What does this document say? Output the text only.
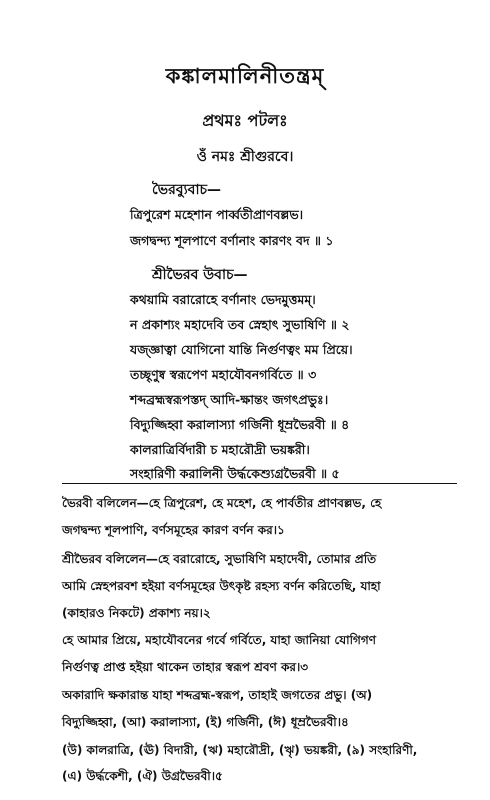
কঙ্কালমালিনীতন্ত্রম্
প্রথমঃ পটলঃ
ওঁ নমঃ শ্রীগুরবে।
ভৈরব্যুবাচ—
ত্রিপুরেশ মহেশান পার্ব্বতীপ্রাণবল্লভ।
জগদ্বন্দ্য শূলপাণে বর্ণানাং কারণং বদ ॥ ১
শ্রীভৈরব উবাচ—
কথয়ামি বরারোহে বর্ণানাং ভেদমুত্তমম্।
ন প্রকাশ্যং মহাদেবি তব স্নেহাৎ সুভাষিণি ॥ ২
যজ্জ্ঞাত্বা যোগিনো যান্তি নির্গুণত্বং মম প্রিয়ে।
তচ্ছৃণুষ্ব স্বরূপেণ মহাযৌবনগর্বিতে ॥ ৩
শব্দব্রহ্মস্বরূপস্তদ্ আদি-ক্ষান্তং জগৎপ্রভুঃ।
বিদ্যুজ্জিহ্বা করালাস্যা গর্জিনী ধূম্রভৈরবী ॥ ৪
কালরাত্রির্বিদারী চ মহারৌদ্রী ভয়ঙ্করী।
সংহারিণী করালিনী উর্দ্ধকেশ্যুগ্রভৈরবী ॥ ৫
ভৈরবী বলিলেন—হে ত্রিপুরেশ, হে মহেশ, হে পার্বতীর প্রাণবল্লভ, হে
জগদ্বন্দ্য শূলপাণি, বর্ণসমূহের কারণ বর্ণন কর।১
শ্রীভৈরব বলিলেন—হে বরারোহে, সুভাষিণি মহাদেবী, তোমার প্রতি
আমি স্নেহপরবশ হইয়া বর্ণসমূহের উৎকৃষ্ট রহস্য বর্ণন করিতেছি, যাহা
(কাহারও নিকটে) প্রকাশ্য নয়।২
হে আমার প্রিয়ে, মহাযৌবনের গর্বে গর্বিতে, যাহা জানিয়া যোগিগণ
নির্গুণত্ব প্রাপ্ত হইয়া থাকেন তাহার স্বরূপ শ্রবণ কর।৩
অকারাদি ক্ষকারান্ত যাহা শব্দব্রহ্ম-স্বরূপ, তাহাই জগতের প্রভু। (অ)
বিদ্যুজ্জিহ্বা, (আ) করালাস্যা, (ই) গর্জিনী, (ঈ) ধূম্রভৈরবী।৪
(উ) কালরাত্রি, (ঊ) বিদারী, (ঋ) মহারৌদ্রী, (ৠ) ভয়ঙ্করী, (৯) সংহারিণী,
(এ) উর্দ্ধকেশী, (ঐ) উগ্রভৈরবী।৫
